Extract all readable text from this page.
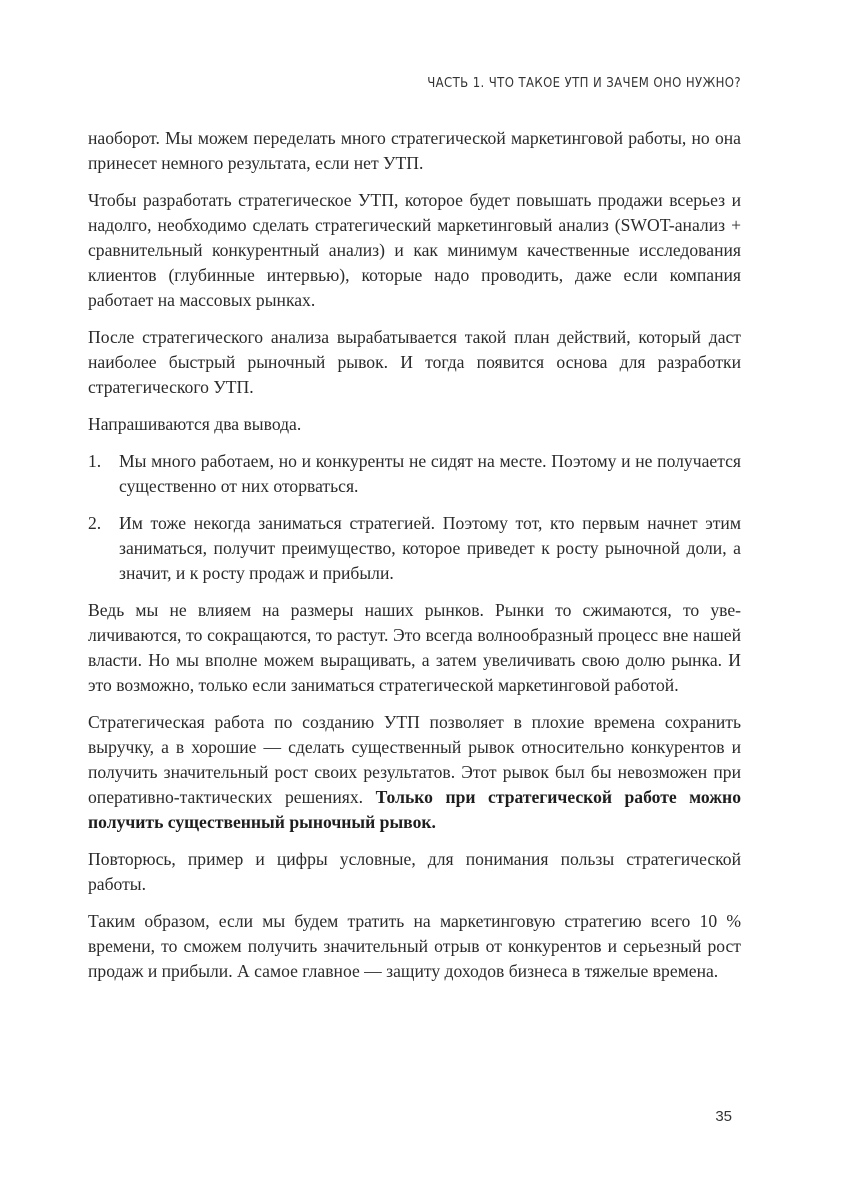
ЧАСТЬ 1. ЧТО ТАКОЕ УТП И ЗАЧЕМ ОНО НУЖНО?

наоборот. Мы можем переделать много стратегической маркетинговой работы, но она принесет немного результата, если нет УТП.

Чтобы разработать стратегическое УТП, которое будет повышать продажи всерьез и надолго, необходимо сделать стратегический маркетинговый анализ (SWOT-анализ + сравнительный конкурентный анализ) и как минимум качественные исследования клиентов (глубинные интервью), которые надо проводить, даже если компания работает на массовых рынках.

После стратегического анализа вырабатывается такой план действий, который даст наиболее быстрый рыночный рывок. И тогда появится основа для разработки стратегического УТП.

Напрашиваются два вывода.

1. Мы много работаем, но и конкуренты не сидят на месте. Поэтому и не получается существенно от них оторваться.
2. Им тоже некогда заниматься стратегией. Поэтому тот, кто первым начнет этим заниматься, получит преимущество, которое приведет к росту рыночной доли, а значит, и к росту продаж и прибыли.

Ведь мы не влияем на размеры наших рынков. Рынки то сжимаются, то увеличиваются, то сокращаются, то растут. Это всегда волнообразный процесс вне нашей власти. Но мы вполне можем выращивать, а затем увеличивать свою долю рынка. И это возможно, только если заниматься стратегической маркетинговой работой.

Стратегическая работа по созданию УТП позволяет в плохие времена сохранить выручку, а в хорошие — сделать существенный рывок относительно конкурентов и получить значительный рост своих результатов. Этот рывок был бы невозможен при оперативно-тактических решениях. Только при стратегической работе можно получить существенный рыночный рывок.

Повторюсь, пример и цифры условные, для понимания пользы стратегической работы.

Таким образом, если мы будем тратить на маркетинговую стратегию всего 10 % времени, то сможем получить значительный отрыв от конкурентов и серьезный рост продаж и прибыли. А самое главное — защиту доходов бизнеса в тяжелые времена.

35
